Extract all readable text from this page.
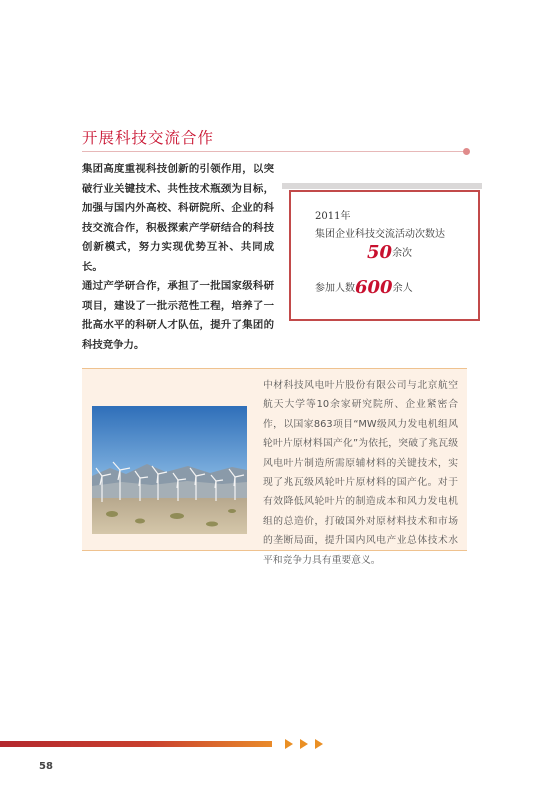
开展科技交流合作

集团高度重视科技创新的引领作用，以突破行业关键技术、共性技术瓶颈为目标，加强与国内外高校、科研院所、企业的科技交流合作，积极探索产学研结合的科技创新模式，努力实现优势互补、共同成长。

通过产学研合作，承担了一批国家级科研项目，建设了一批示范性工程，培养了一批高水平的科研人才队伍，提升了集团的科技竞争力。

2011年
集团企业科技交流活动次数达
50余次
参加人数600余人

中材科技风电叶片股份有限公司与北京航空航天大学等10余家研究院所、企业紧密合作，以国家863项目“MW级风力发电机组风轮叶片原材料国产化”为依托，突破了兆瓦级风电叶片制造所需原辅材料的关键技术，实现了兆瓦级风轮叶片原材料的国产化。对于有效降低风轮叶片的制造成本和风力发电机组的总造价，打破国外对原材料技术和市场的垄断局面，提升国内风电产业总体技术水平和竞争力具有重要意义。

58
